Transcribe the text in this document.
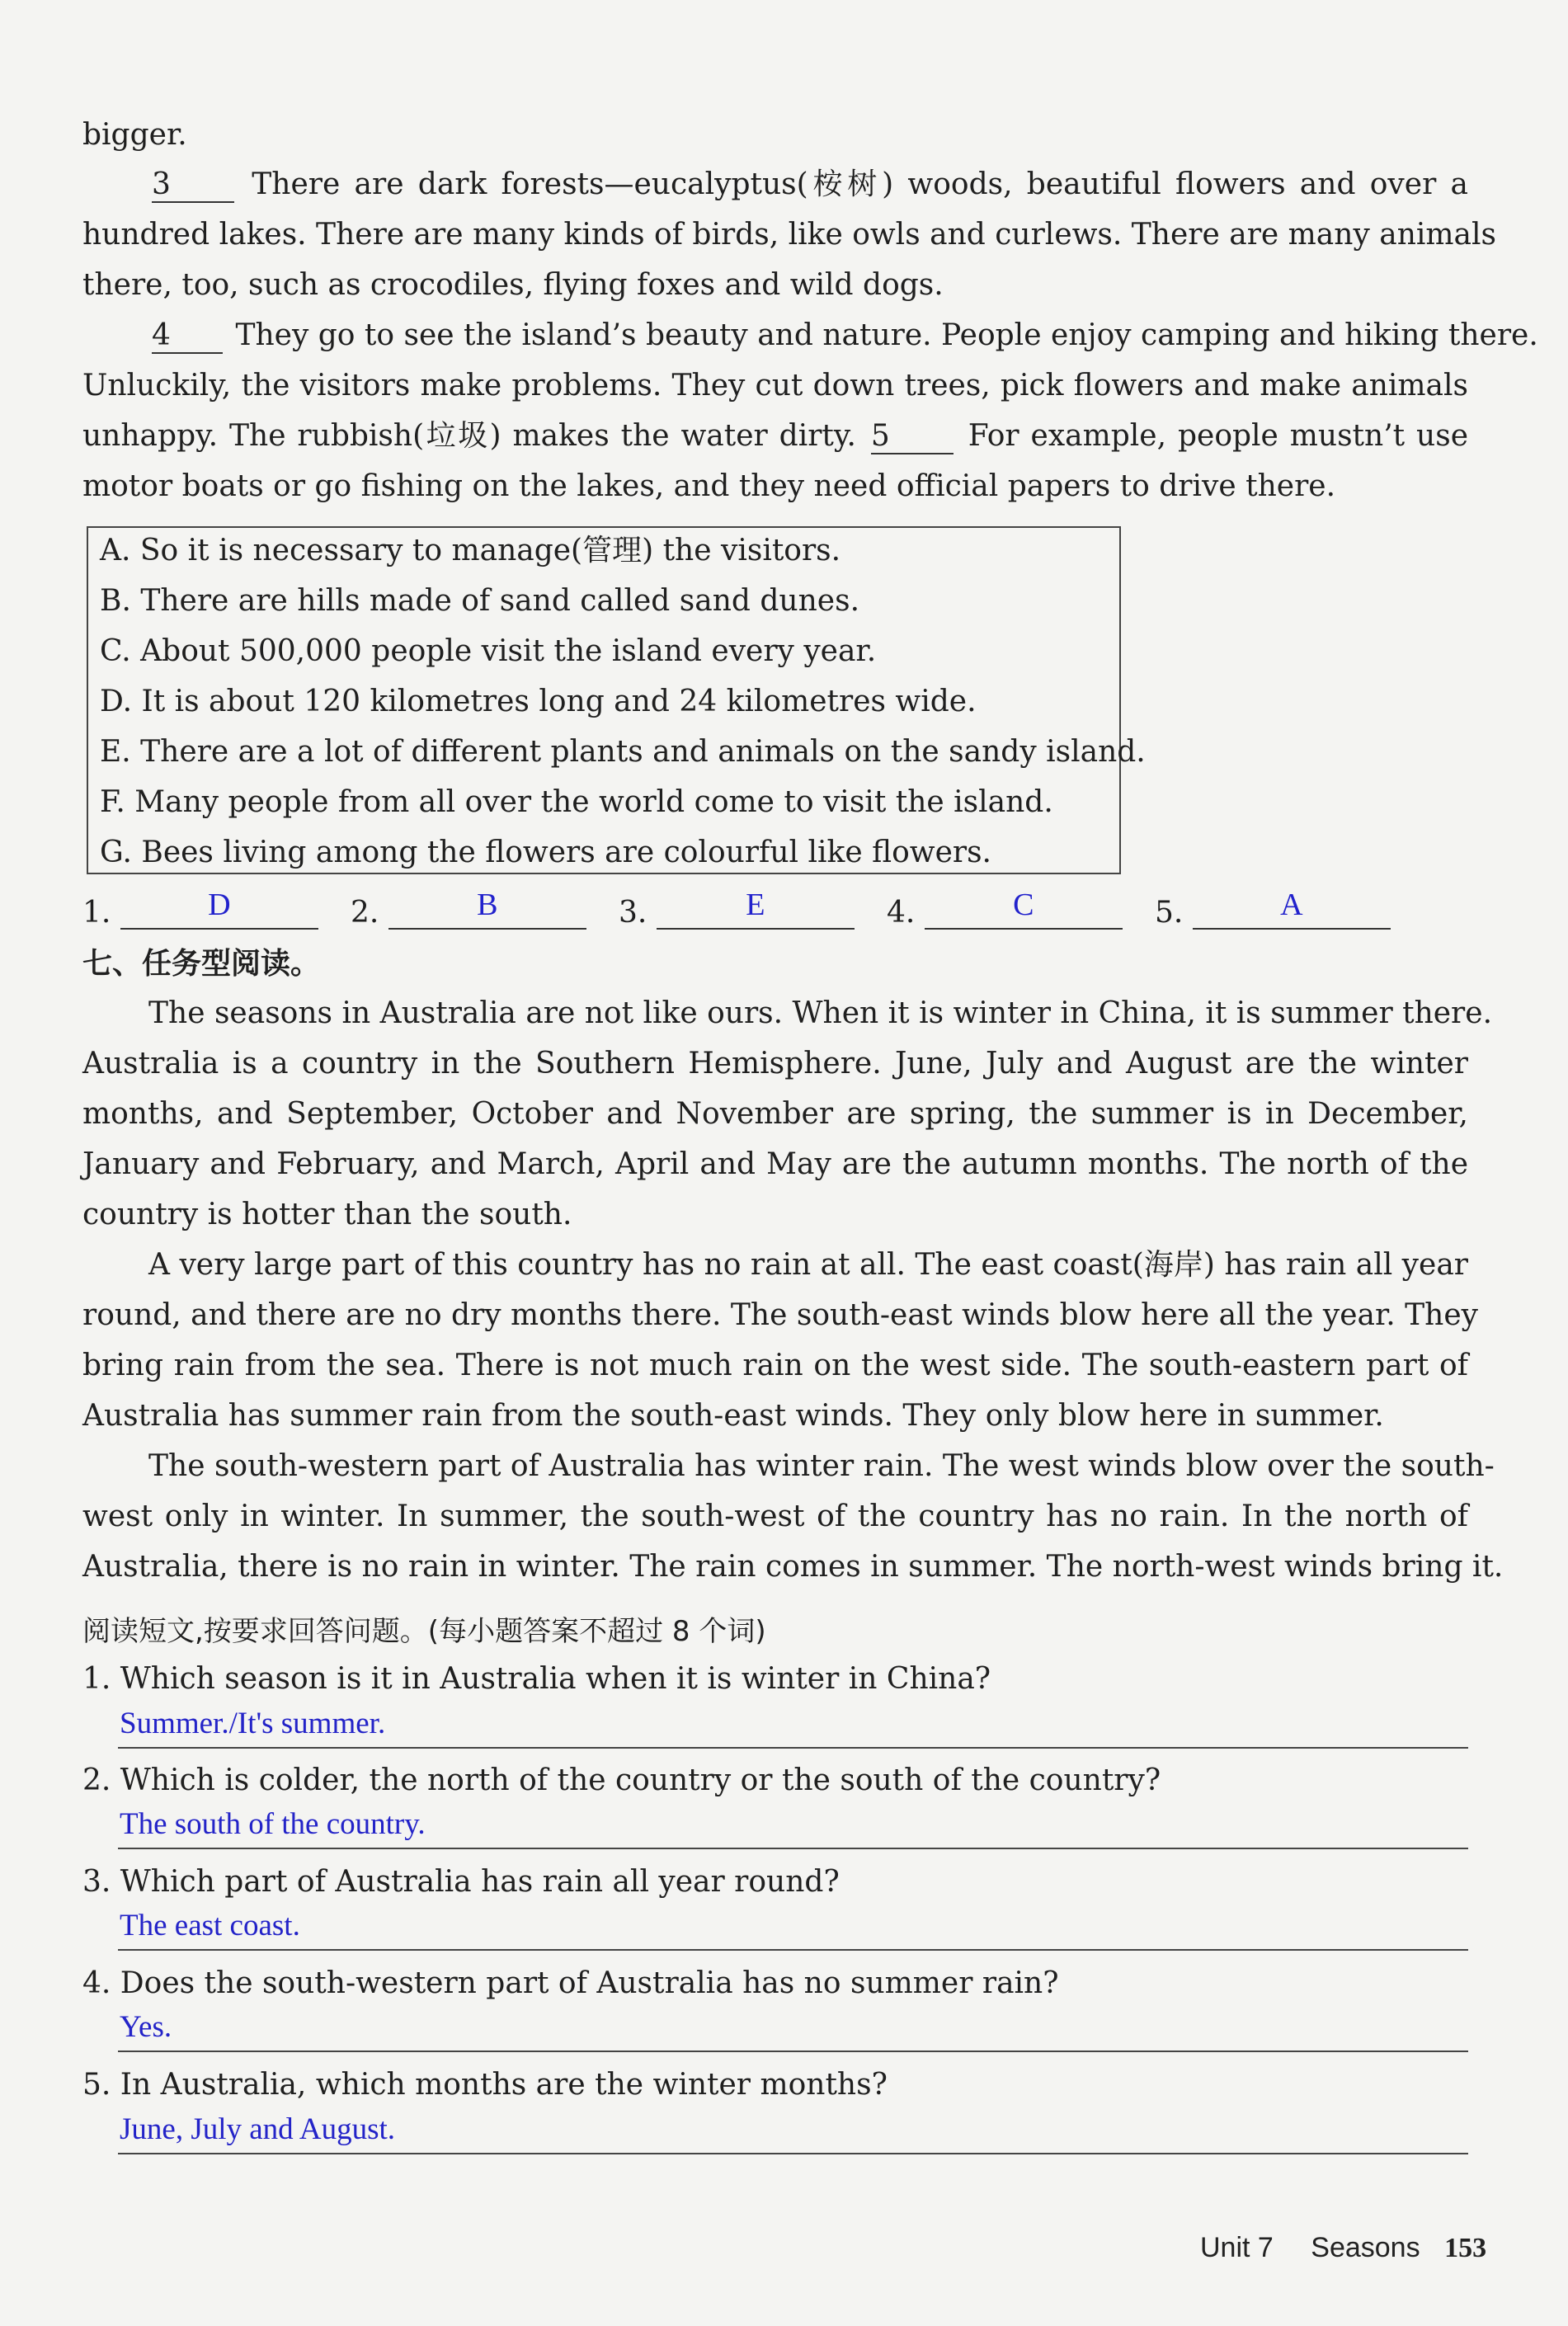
bigger.
3	There are dark forests—eucalyptus(桉树) woods, beautiful flowers and over a
hundred lakes. There are many kinds of birds, like owls and curlews. There are many animals
there, too, such as crocodiles, flying foxes and wild dogs.
4 They go to see the island’s beauty and nature. People enjoy camping and hiking there.
Unluckily, the visitors make problems. They cut down trees, pick flowers and make animals
unhappy. The rubbish(垃圾) makes the water dirty. 5	For example, people mustn’t use
motor boats or go fishing on the lakes, and they need official papers to drive there.
A. So it is necessary to manage(管理) the visitors.
B. There are hills made of sand called sand dunes.
C. About 500,000 people visit the island every year.
D. It is about 120 kilometres long and 24 kilometres wide.
E. There are a lot of different plants and animals on the sandy island.
F. Many people from all over the world come to visit the island.
G. Bees living among the flowers are colourful like flowers.
1.	D	2.	B	3.	E	4.	C	5.	A
七、任务型阅读。
The seasons in Australia are not like ours. When it is winter in China, it is summer there.
Australia is a country in the Southern Hemisphere. June, July and August are the winter
months, and September, October and November are spring, the summer is in December,
January and February, and March, April and May are the autumn months. The north of the
country is hotter than the south.
A very large part of this country has no rain at all. The east coast(海岸) has rain all year
round, and there are no dry months there. The south-east winds blow here all the year. They
bring rain from the sea. There is not much rain on the west side. The south-eastern part of
Australia has summer rain from the south-east winds. They only blow here in summer.
The south-western part of Australia has winter rain. The west winds blow over the south-
west only in winter. In summer, the south-west of the country has no rain. In the north of
Australia, there is no rain in winter. The rain comes in summer. The north-west winds bring it.
阅读短文,按要求回答问题。(每小题答案不超过 8 个词)
1. Which season is it in Australia when it is winter in China?
Summer./It's summer.
2. Which is colder, the north of the country or the south of the country?
The south of the country.
3. Which part of Australia has rain all year round?
The east coast.
4. Does the south-western part of Australia has no summer rain?
Yes.
5. In Australia, which months are the winter months?
June, July and August.
Unit 7 Seasons 153
